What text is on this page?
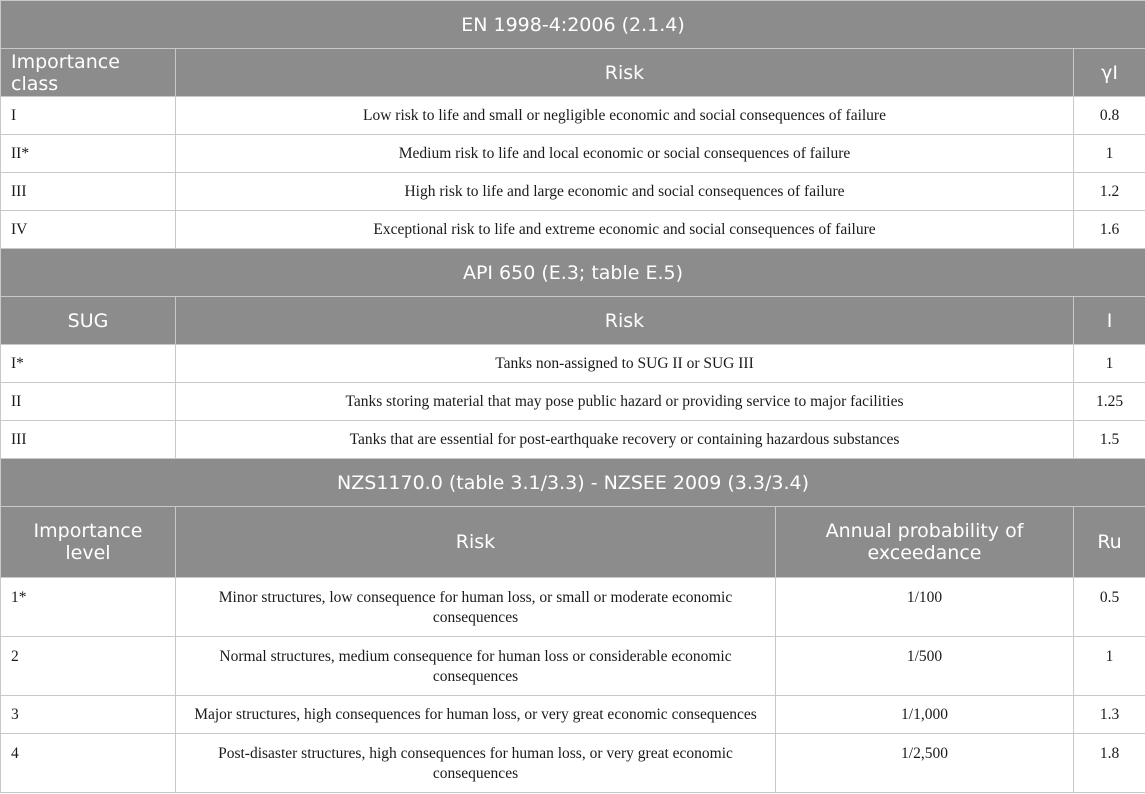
EN 1998-4:2006 (2.1.4)			
Importance class	Risk		γI
I	Low risk to life and small or negligible economic and social consequences of failure		0.8
II*	Medium risk to life and local economic or social consequences of failure		1
III	High risk to life and large economic and social consequences of failure		1.2
IV	Exceptional risk to life and extreme economic and social consequences of failure		1.6
API 650 (E.3; table E.5)			
SUG	Risk		I
I*	Tanks non-assigned to SUG II or SUG III		1
II	Tanks storing material that may pose public hazard or providing service to major facilities		1.25
III	Tanks that are essential for post-earthquake recovery or containing hazardous substances		1.5
NZS1170.0 (table 3.1/3.3) - NZSEE 2009 (3.3/3.4)			
Importance level	Risk	Annual probability of exceedance	Ru
1*	Minor structures, low consequence for human loss, or small or moderate economic consequences	1/100	0.5
2	Normal structures, medium consequence for human loss or considerable economic consequences	1/500	1
3	Major structures, high consequences for human loss, or very great economic consequences	1/1,000	1.3
4	Post-disaster structures, high consequences for human loss, or very great economic consequences	1/2,500	1.8
